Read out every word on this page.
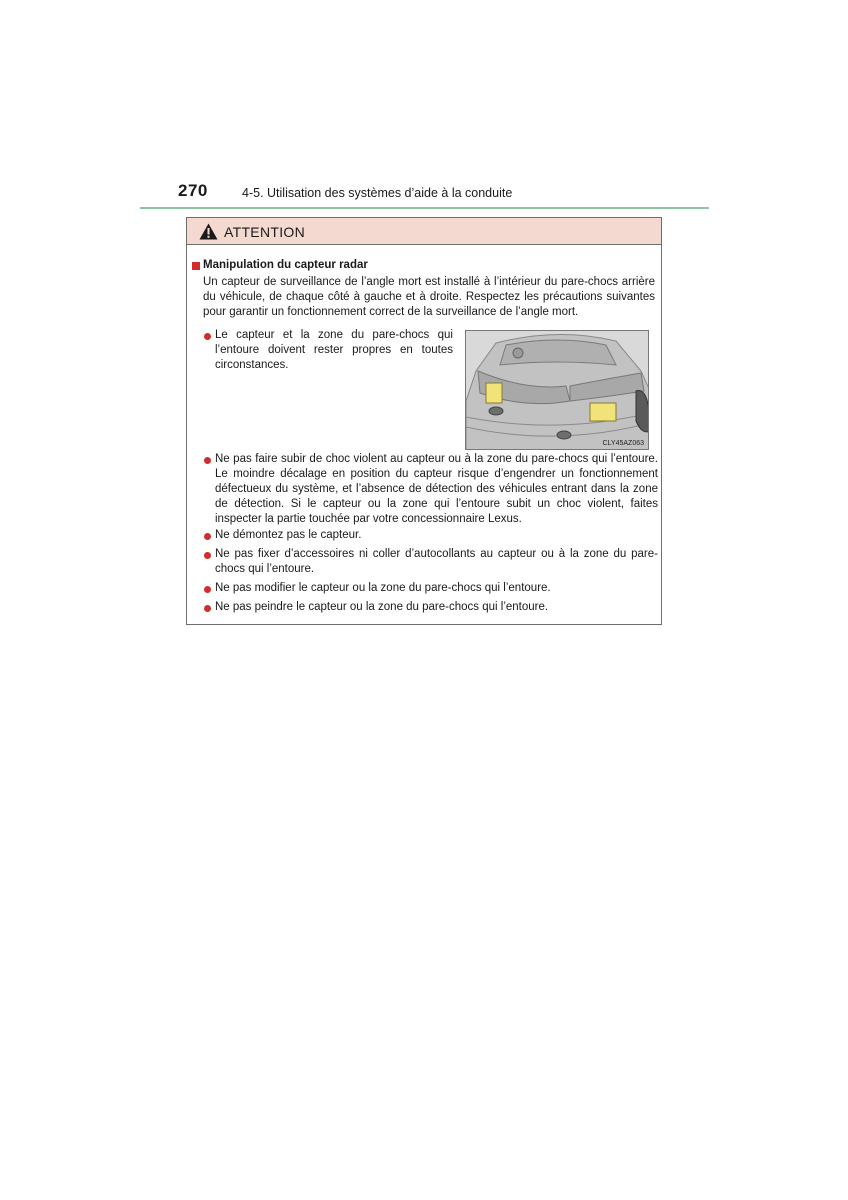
270	4-5. Utilisation des systèmes d’aide à la conduite
ATTENTION
Manipulation du capteur radar
Un capteur de surveillance de l’angle mort est installé à l’intérieur du pare-chocs arrière du véhicule, de chaque côté à gauche et à droite. Respectez les précautions suivantes pour garantir un fonctionnement correct de la surveillance de l’angle mort.
Le capteur et la zone du pare-chocs qui l’entoure doivent rester propres en toutes circonstances.
CLY45AZ063
Ne pas faire subir de choc violent au capteur ou à la zone du pare-chocs qui l’entoure. Le moindre décalage en position du capteur risque d’engendrer un fonctionnement défectueux du système, et l’absence de détection des véhicules entrant dans la zone de détection. Si le capteur ou la zone qui l’entoure subit un choc violent, faites inspecter la partie touchée par votre concessionnaire Lexus.
Ne démontez pas le capteur.
Ne pas fixer d’accessoires ni coller d’autocollants au capteur ou à la zone du pare-chocs qui l’entoure.
Ne pas modifier le capteur ou la zone du pare-chocs qui l’entoure.
Ne pas peindre le capteur ou la zone du pare-chocs qui l’entoure.
